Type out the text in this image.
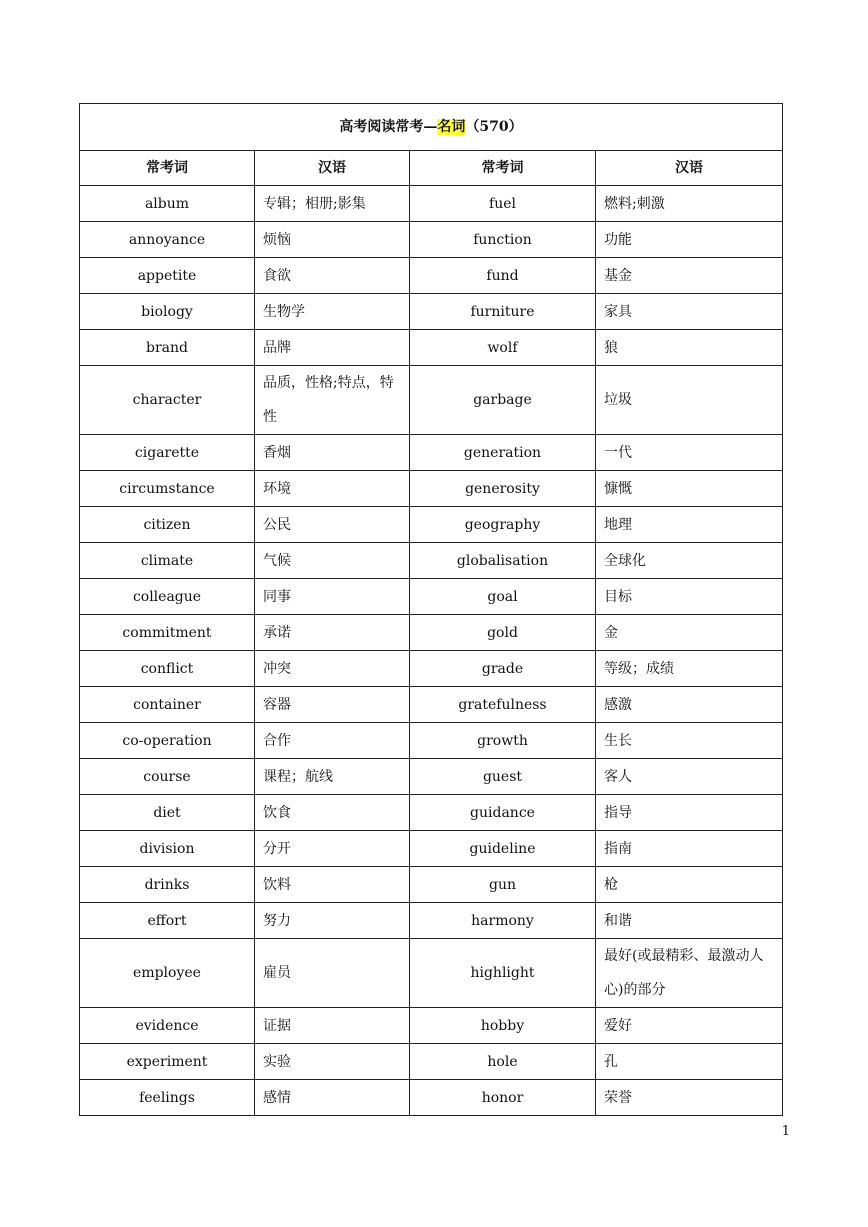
高考阅读常考—名词（570）			
常考词	汉语	常考词	汉语
album	专辑；相册;影集	fuel	燃料;刺激
annoyance	烦恼	function	功能
appetite	食欲	fund	基金
biology	生物学	furniture	家具
brand	品牌	wolf	狼
character	品质，性格;特点，特性	garbage	垃圾
cigarette	香烟	generation	一代
circumstance	环境	generosity	慷慨
citizen	公民	geography	地理
climate	气候	globalisation	全球化
colleague	同事	goal	目标
commitment	承诺	gold	金
conflict	冲突	grade	等级；成绩
container	容器	gratefulness	感激
co-operation	合作	growth	生长
course	课程；航线	guest	客人
diet	饮食	guidance	指导
division	分开	guideline	指南
drinks	饮料	gun	枪
effort	努力	harmony	和谐
employee	雇员	highlight	最好(或最精彩、最激动人心)的部分
evidence	证据	hobby	爱好
experiment	实验	hole	孔
feelings	感情	honor	荣誉
1
